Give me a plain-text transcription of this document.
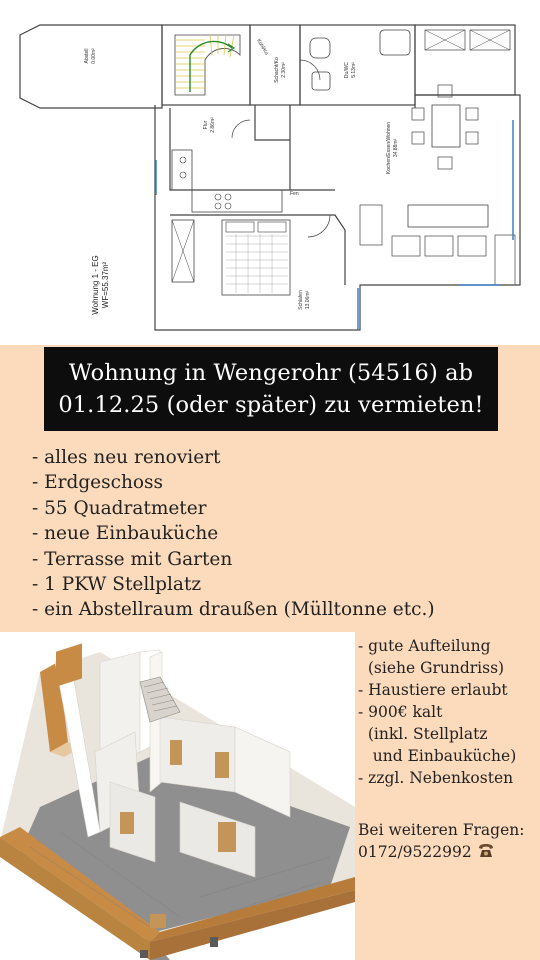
Abstell 0.00m²
Flur 2.86m²
Schacht/Ko 2.30m²	Du/WC 5.13m²
Kochen/Essen/Wohnen 34.88m²
Schlafen 13.06m²
Wohnung 1 - EG WF=55.37m²
Kühl/Ko
Fen
Wohnung in Wengerohr (54516) ab
01.12.25 (oder später) zu vermieten!
- alles neu renoviert
- Erdgeschoss
- 55 Quadratmeter
- neue Einbauküche
- Terrasse mit Garten
- 1 PKW Stellplatz
- ein Abstellraum draußen (Mülltonne etc.)
- gute Aufteilung
(siehe Grundriss)
- Haustiere erlaubt
- 900€ kalt
(inkl. Stellplatz
und Einbauküche)
- zzgl. Nebenkosten
Bei weiteren Fragen:
0172/9522992
